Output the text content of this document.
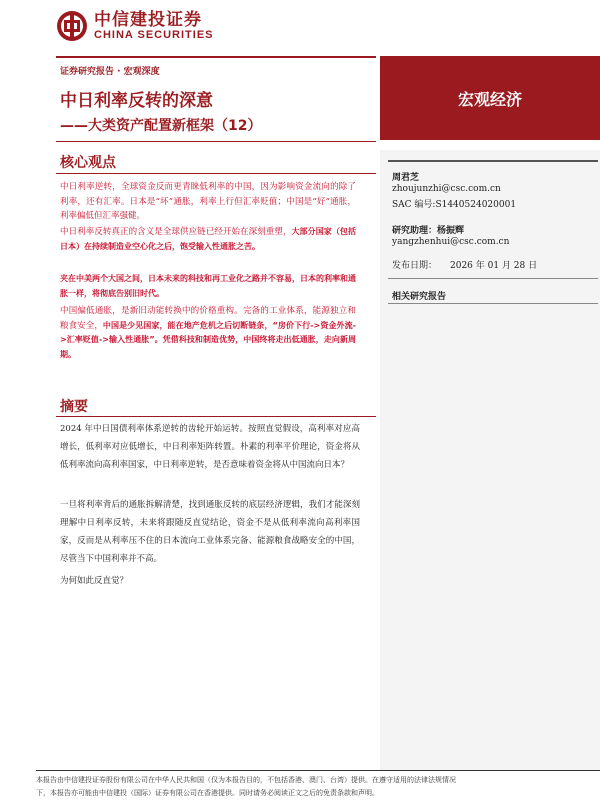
中信建投证券
CHINA SECURITIES
证券研究报告 · 宏观深度
中日利率反转的深意
——大类资产配置新框架（12）
宏观经济
周君芝
zhoujunzhi@csc.com.cn
SAC 编号:S1440524020001
研究助理：杨振辉
yangzhenhui@csc.com.cn
发布日期： 2026 年 01 月 28 日
相关研究报告
核心观点
中日利率逆转，全球资金反而更青睐低利率的中国，因为影响资金流向的除了利率，还有汇率。日本是“坏”通胀，利率上行但汇率贬值；中国是“好”通胀，利率偏低但汇率强健。
中日利率反转真正的含义是全球供应链已经开始在深刻重塑，大部分国家（包括日本）在持续制造业空心化之后，饱受输入性通胀之苦。
夹在中美两个大国之间，日本未来的科技和再工业化之路并不容易，日本的利率和通胀一样，将彻底告别旧时代。
中国偏低通胀，是新旧动能转换中的价格重构。完备的工业体系，能源独立和粮食安全，中国是少见国家，能在地产危机之后切断链条，“房价下行->资金外流->汇率贬值->输入性通胀”。凭借科技和制造优势，中国终将走出低通胀，走向新周期。
摘要
2024 年中日国债利率体系逆转的齿轮开始运转。按照直觉假设，高利率对应高增长，低利率对应低增长，中日利率矩阵转置。朴素的利率平价理论，资金将从低利率流向高利率国家，中日利率逆转，是否意味着资金将从中国流向日本？
一旦将利率背后的通胀拆解清楚，找到通胀反转的底层经济逻辑，我们才能深刻理解中日利率反转，未来将跟随反直觉结论，资金不是从低利率流向高利率国家，反而是从利率压不住的日本流向工业体系完备、能源粮食战略安全的中国，尽管当下中国利率并不高。
为何如此反直觉？
本报告由中信建投证券股份有限公司在中华人民共和国（仅为本报告目的，不包括香港、澳门、台湾）提供。在遵守适用的法律法规情况
下，本报告亦可能由中信建投（国际）证券有限公司在香港提供。同时请务必阅读正文之后的免责条款和声明。
